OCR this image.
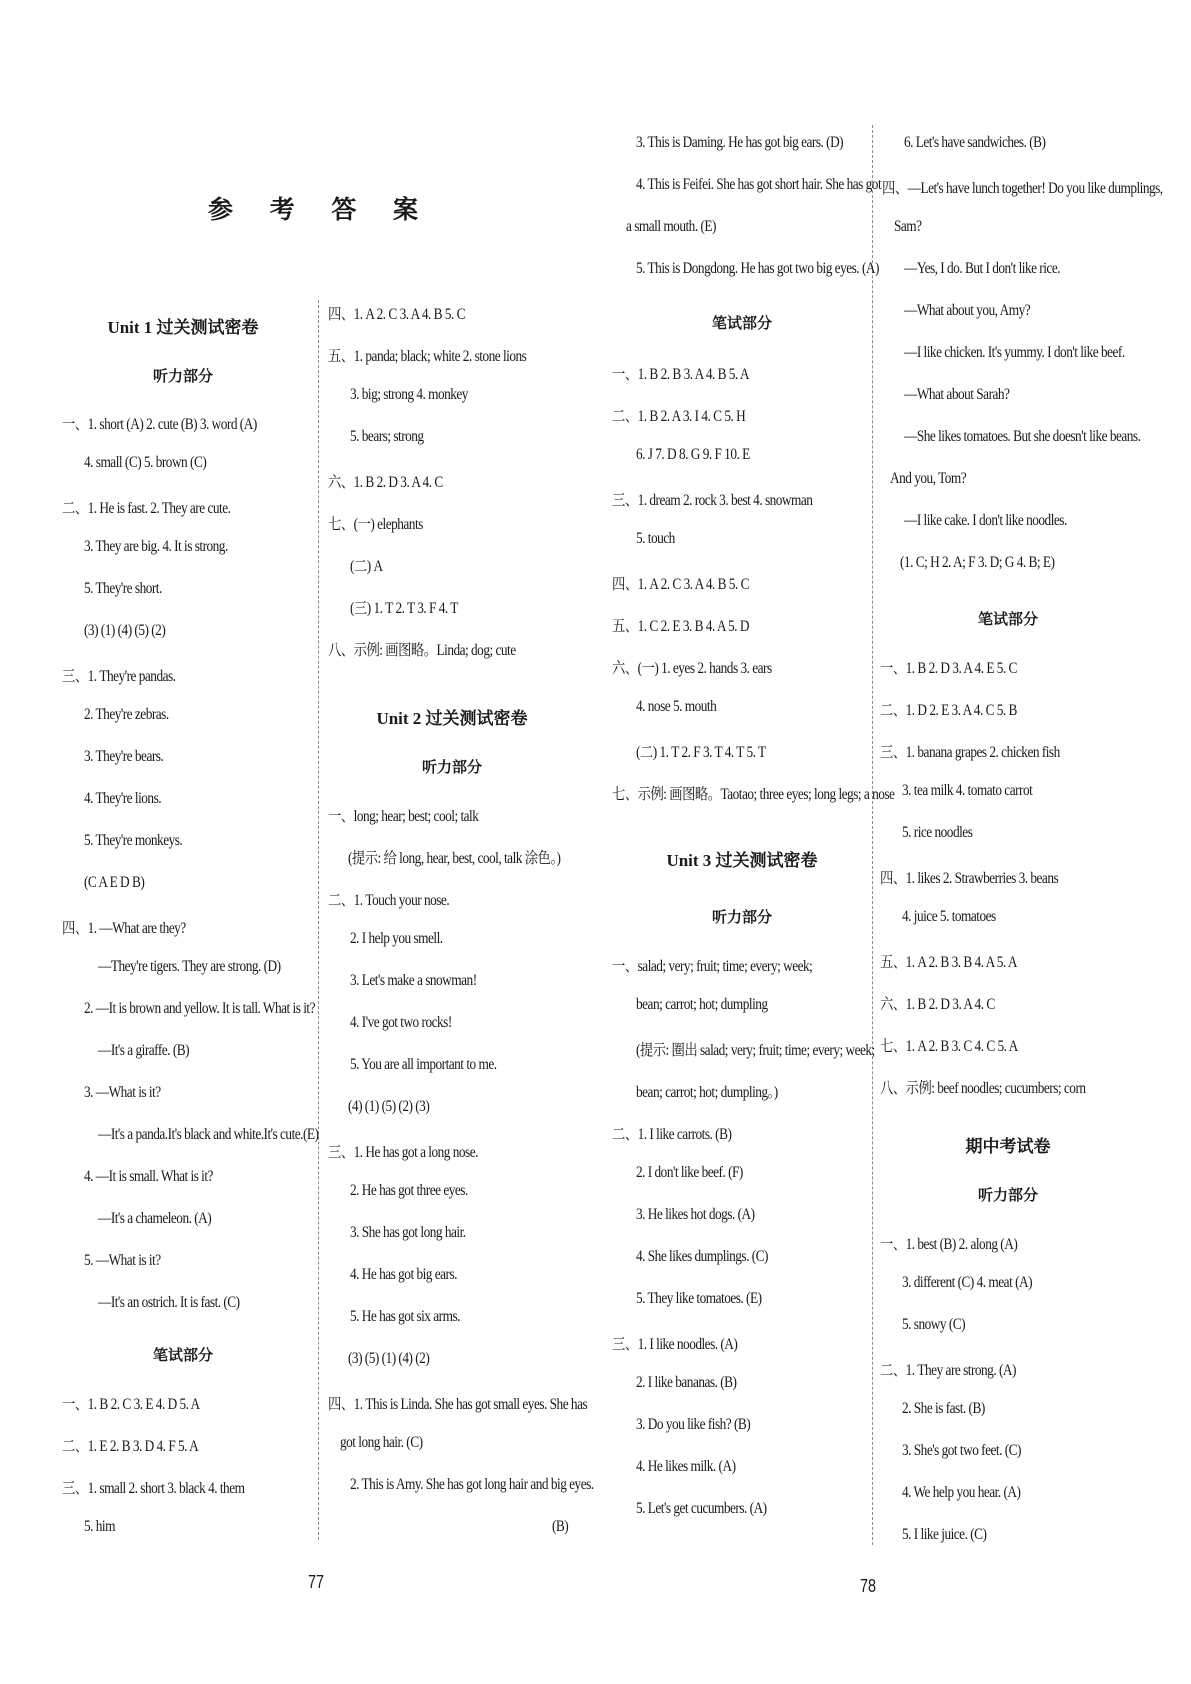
参 考 答 案
Unit 1 过关测试密卷
听力部分
一、1. short (A) 2. cute (B) 3. word (A)
4. small (C) 5. brown (C)
二、1. He is fast. 2. They are cute.
3. They are big. 4. It is strong.
5. They're short.
(3) (1) (4) (5) (2)
三、1. They're pandas.
2. They're zebras.
3. They're bears.
4. They're lions.
5. They're monkeys.
(C A E D B)
四、1. —What are they?
—They're tigers. They are strong. (D)
2. —It is brown and yellow. It is tall. What is it?
—It's a giraffe. (B)
3. —What is it?
—It's a panda.It's black and white.It's cute.(E)
4. —It is small. What is it?
—It's a chameleon. (A)
5. —What is it?
—It's an ostrich. It is fast. (C)
笔试部分
一、1. B 2. C 3. E 4. D 5. A
二、1. E 2. B 3. D 4. F 5. A
三、1. small 2. short 3. black 4. them
5. him
四、1. A 2. C 3. A 4. B 5. C
五、1. panda; black; white 2. stone lions
3. big; strong 4. monkey
5. bears; strong
六、1. B 2. D 3. A 4. C
七、(一) elephants
(二) A
(三) 1. T 2. T 3. F 4. T
八、示例: 画图略。Linda; dog; cute
Unit 2 过关测试密卷
听力部分
一、long; hear; best; cool; talk
(提示: 给 long, hear, best, cool, talk 涂色。)
二、1. Touch your nose.
2. I help you smell.
3. Let's make a snowman!
4. I've got two rocks!
5. You are all important to me.
(4) (1) (5) (2) (3)
三、1. He has got a long nose.
2. He has got three eyes.
3. She has got long hair.
4. He has got big ears.
5. He has got six arms.
(3) (5) (1) (4) (2)
四、1. This is Linda. She has got small eyes. She has
got long hair. (C)
2. This is Amy. She has got long hair and big eyes.
(B)
3. This is Daming. He has got big ears. (D)
4. This is Feifei. She has got short hair. She has got
a small mouth. (E)
5. This is Dongdong. He has got two big eyes. (A)
笔试部分
一、1. B 2. B 3. A 4. B 5. A
二、1. B 2. A 3. I 4. C 5. H
6. J 7. D 8. G 9. F 10. E
三、1. dream 2. rock 3. best 4. snowman
5. touch
四、1. A 2. C 3. A 4. B 5. C
五、1. C 2. E 3. B 4. A 5. D
六、(一) 1. eyes 2. hands 3. ears
4. nose 5. mouth
(二) 1. T 2. F 3. T 4. T 5. T
七、示例: 画图略。Taotao; three eyes; long legs; a nose
Unit 3 过关测试密卷
听力部分
一、salad; very; fruit; time; every; week;
bean; carrot; hot; dumpling
(提示: 圈出 salad; very; fruit; time; every; week;
bean; carrot; hot; dumpling。)
二、1. I like carrots. (B)
2. I don't like beef. (F)
3. He likes hot dogs. (A)
4. She likes dumplings. (C)
5. They like tomatoes. (E)
三、1. I like noodles. (A)
2. I like bananas. (B)
3. Do you like fish? (B)
4. He likes milk. (A)
5. Let's get cucumbers. (A)
6. Let's have sandwiches. (B)
四、—Let's have lunch together! Do you like dumplings,
Sam?
—Yes, I do. But I don't like rice.
—What about you, Amy?
—I like chicken. It's yummy. I don't like beef.
—What about Sarah?
—She likes tomatoes. But she doesn't like beans.
And you, Tom?
—I like cake. I don't like noodles.
(1. C; H 2. A; F 3. D; G 4. B; E)
笔试部分
一、1. B 2. D 3. A 4. E 5. C
二、1. D 2. E 3. A 4. C 5. B
三、1. banana grapes 2. chicken fish
3. tea milk 4. tomato carrot
5. rice noodles
四、1. likes 2. Strawberries 3. beans
4. juice 5. tomatoes
五、1. A 2. B 3. B 4. A 5. A
六、1. B 2. D 3. A 4. C
七、1. A 2. B 3. C 4. C 5. A
八、示例: beef noodles; cucumbers; corn
期中考试卷
听力部分
一、1. best (B) 2. along (A)
3. different (C) 4. meat (A)
5. snowy (C)
二、1. They are strong. (A)
2. She is fast. (B)
3. She's got two feet. (C)
4. We help you hear. (A)
5. I like juice. (C)
77	78
